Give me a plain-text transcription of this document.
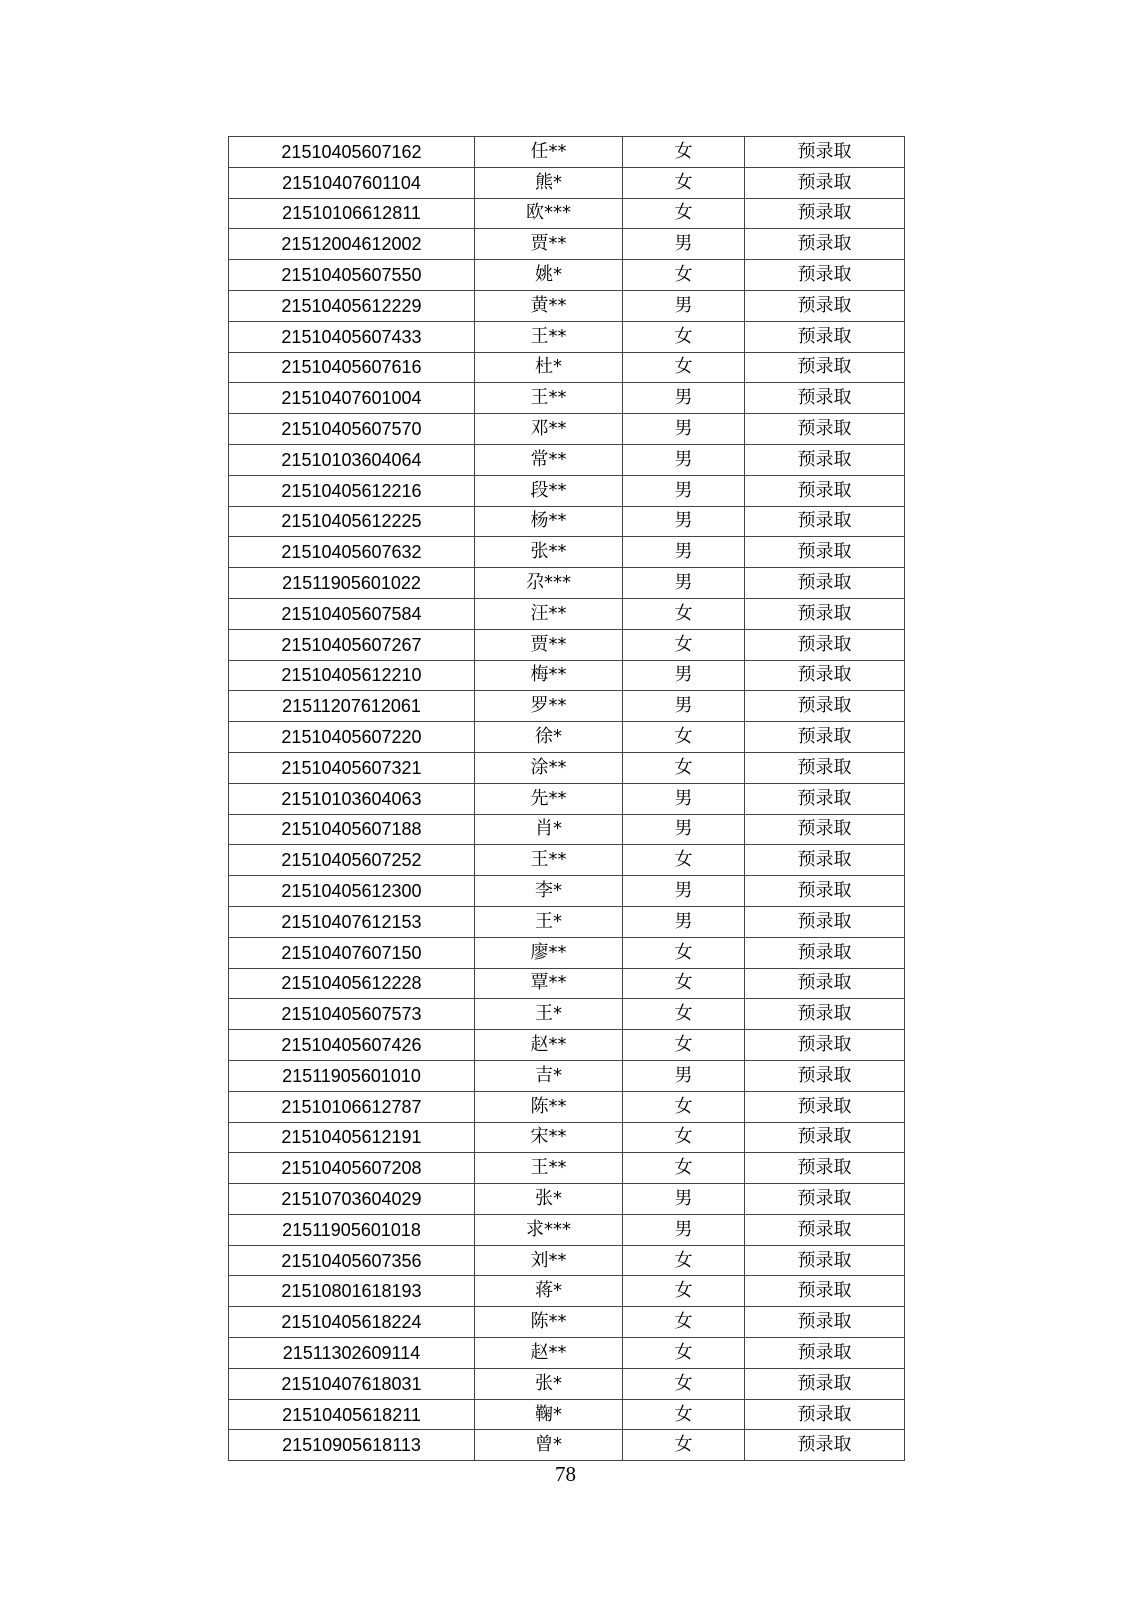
21510405607162	任**	女	预录取
21510407601104	熊*	女	预录取
21510106612811	欧***	女	预录取
21512004612002	贾**	男	预录取
21510405607550	姚*	女	预录取
21510405612229	黄**	男	预录取
21510405607433	王**	女	预录取
21510405607616	杜*	女	预录取
21510407601004	王**	男	预录取
21510405607570	邓**	男	预录取
21510103604064	常**	男	预录取
21510405612216	段**	男	预录取
21510405612225	杨**	男	预录取
21510405607632	张**	男	预录取
21511905601022	尕***	男	预录取
21510405607584	汪**	女	预录取
21510405607267	贾**	女	预录取
21510405612210	梅**	男	预录取
21511207612061	罗**	男	预录取
21510405607220	徐*	女	预录取
21510405607321	涂**	女	预录取
21510103604063	先**	男	预录取
21510405607188	肖*	男	预录取
21510405607252	王**	女	预录取
21510405612300	李*	男	预录取
21510407612153	王*	男	预录取
21510407607150	廖**	女	预录取
21510405612228	覃**	女	预录取
21510405607573	王*	女	预录取
21510405607426	赵**	女	预录取
21511905601010	吉*	男	预录取
21510106612787	陈**	女	预录取
21510405612191	宋**	女	预录取
21510405607208	王**	女	预录取
21510703604029	张*	男	预录取
21511905601018	求***	男	预录取
21510405607356	刘**	女	预录取
21510801618193	蒋*	女	预录取
21510405618224	陈**	女	预录取
21511302609114	赵**	女	预录取
21510407618031	张*	女	预录取
21510405618211	鞠*	女	预录取
21510905618113	曾*	女	预录取
78
